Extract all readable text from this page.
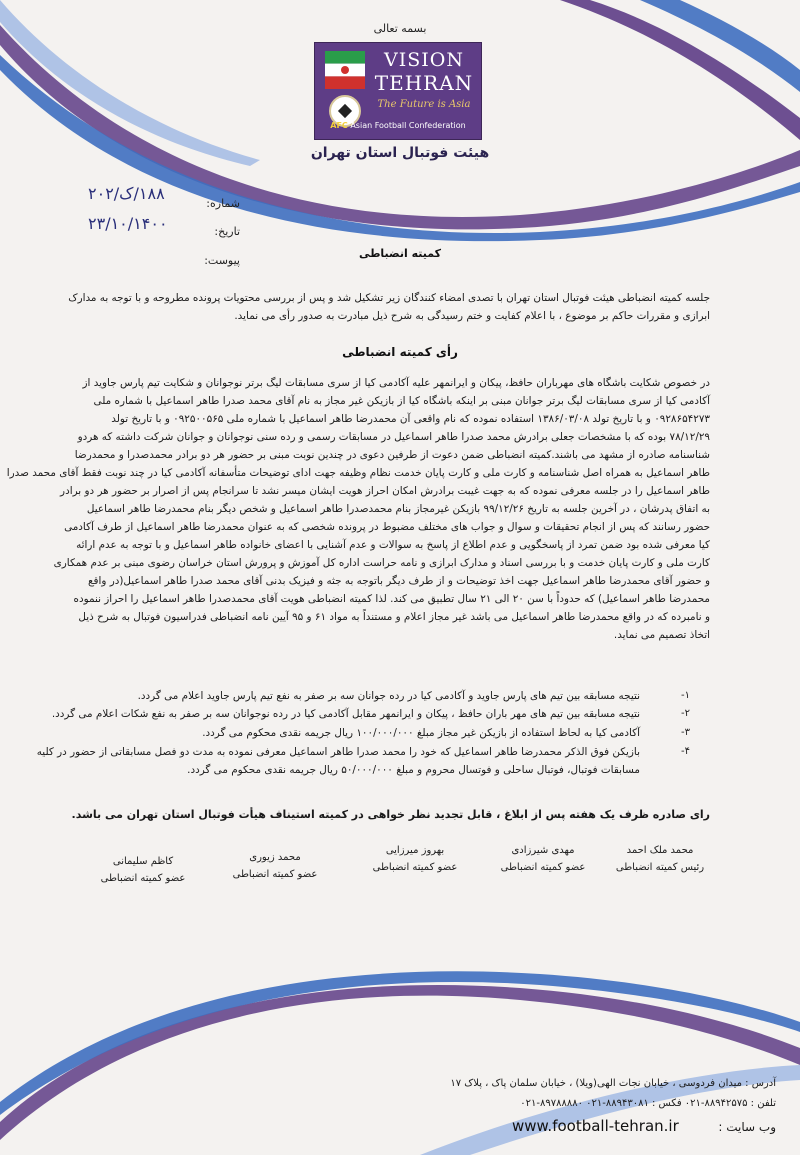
بسمه تعالی
VISION
TEHRAN
The Future is Asia
AFC Asian Football Confederation
هیئت فوتبال استان تهران
شماره:
۱۸۸/ک/۲۰۲
تاریخ:
۲۳/۱۰/۱۴۰۰
پیوست:
کمیته انضباطی
جلسه کمیته انضباطی هیئت فوتبال استان تهران با تصدی امضاء کنندگان زیر تشکیل شد و پس از بررسی محتویات پرونده مطروحه و با توجه به مدارک
ابرازی و مقررات حاکم بر موضوع ، با اعلام کفایت و ختم رسیدگی به شرح ذیل مبادرت به صدور رأی می نماید.
رأی کمیته انضباطی
در خصوص شکایت باشگاه های مهرباران حافظ، پیکان و ایرانمهر علیه آکادمی کیا از سری مسابقات لیگ برتر نوجوانان و شکایت تیم پارس جاوید از
آکادمی کیا از سری مسابقات لیگ برتر جوانان مبنی بر اینکه باشگاه کیا از بازیکن غیر مجاز به نام آقای محمد صدرا طاهر اسماعیل با شماره ملی
۰۹۲۸۶۵۴۲۷۳ و با تاریخ تولد ۱۳۸۶/۰۳/۰۸ استفاده نموده که نام واقعی آن محمدرضا طاهر اسماعیل با شماره ملی ۰۹۲۵۰۰۵۶۵ و با تاریخ تولد
۷۸/۱۲/۲۹ بوده که با مشخصات جعلی برادرش محمد صدرا طاهر اسماعیل در مسابقات رسمی و رده سنی نوجوانان و جوانان شرکت داشته که هردو
شناسنامه صادره از مشهد می باشند.کمیته انضباطی ضمن دعوت از طرفین دعوی در چندین نوبت مبنی بر حضور هر دو برادر محمدصدرا و محمدرضا
طاهر اسماعیل به همراه اصل شناسنامه و کارت ملی و کارت پایان خدمت نظام وظیفه جهت ادای توضیحات متأسفانه آکادمی کیا در چند نوبت فقط آقای محمد صدرا
طاهر اسماعیل را در جلسه معرفی نموده که به جهت غیبت برادرش امکان احراز هویت ایشان میسر نشد تا سرانجام پس از اصرار بر حضور هر دو برادر
به اتفاق پدرشان ، در آخرین جلسه به تاریخ ۹۹/۱۲/۲۶ بازیکن غیرمجاز بنام محمدصدرا طاهر اسماعیل و شخص دیگر بنام محمدرضا طاهر اسماعیل
حضور رسانند که پس از انجام تحقیقات و سوال و جواب های مختلف مضبوط در پرونده شخصی که به عنوان محمدرضا طاهر اسماعیل از طرف آکادمی
کیا معرفی شده بود ضمن تمرد از پاسخگویی و عدم اطلاع از پاسخ به سوالات و عدم آشنایی با اعضای خانواده طاهر اسماعیل و با توجه به عدم ارائه
کارت ملی و کارت پایان خدمت و با بررسی اسناد و مدارک ابرازی و نامه حراست اداره کل آموزش و پرورش استان خراسان رضوی مبنی بر عدم همکاری
و حضور آقای محمدرضا طاهر اسماعیل جهت اخذ توضیحات و از طرف دیگر باتوجه به جثه و فیزیک بدنی آقای محمد صدرا طاهر اسماعیل(در واقع
محمدرضا طاهر اسماعیل) که حدوداً با سن ۲۰ الی ۲۱ سال تطبیق می کند. لذا کمیته انضباطی هویت آقای محمدصدرا طاهر اسماعیل را احراز ننموده
و نامبرده که در واقع محمدرضا طاهر اسماعیل می باشد غیر مجاز اعلام و مستنداً به مواد ۶۱ و ۹۵ آیین نامه انضباطی فدراسیون فوتبال به شرح ذیل
اتخاذ تصمیم می نماید.
نتیجه مسابقه بین تیم های پارس جاوید و آکادمی کیا در رده جوانان سه بر صفر به نفع تیم پارس جاوید اعلام می گردد.	۱-
نتیجه مسابقه بین تیم های مهر باران حافظ ، پیکان و ایرانمهر مقابل آکادمی کیا در رده نوجوانان سه بر صفر به نفع شکات اعلام می گردد.	۲-
آکادمی کیا به لحاظ استفاده از بازیکن غیر مجاز مبلغ ۱۰۰/۰۰۰/۰۰۰ ریال جریمه نقدی محکوم می گردد.	۳-
بازیکن فوق الذکر محمدرضا طاهر اسماعیل که خود را محمد صدرا طاهر اسماعیل معرفی نموده به مدت دو فصل مسابقاتی از حضور در کلیه
مسابقات فوتبال، فوتبال ساحلی و فوتسال محروم و مبلغ ۵۰/۰۰۰/۰۰۰ ریال جریمه نقدی محکوم می گردد.
۴-
رای صادره ظرف یک هفته پس از ابلاغ ، قابل تجدید نظر خواهی در کمیته استیناف هیأت فوتبال استان تهران می باشد.
محمد ملک احمد
رئیس کمیته انضباطی
مهدی شیرزادی
عضو کمیته انضباطی
بهروز میرزایی
عضو کمیته انضباطی
محمد زیوری
عضو کمیته انضباطی
کاظم سلیمانی
عضو کمیته انضباطی
آدرس : میدان فردوسی ، خیابان نجات الهی(ویلا) ، خیابان سلمان پاک ، پلاک ۱۷
تلفن : ۸۸۹۴۲۵۷۵-۰۲۱ فکس : ۸۸۹۴۳۰۸۱-۰۲۱ ۸۹۷۸۸۸۸۰-۰۲۱
وب سایت :
www.football-tehran.ir
